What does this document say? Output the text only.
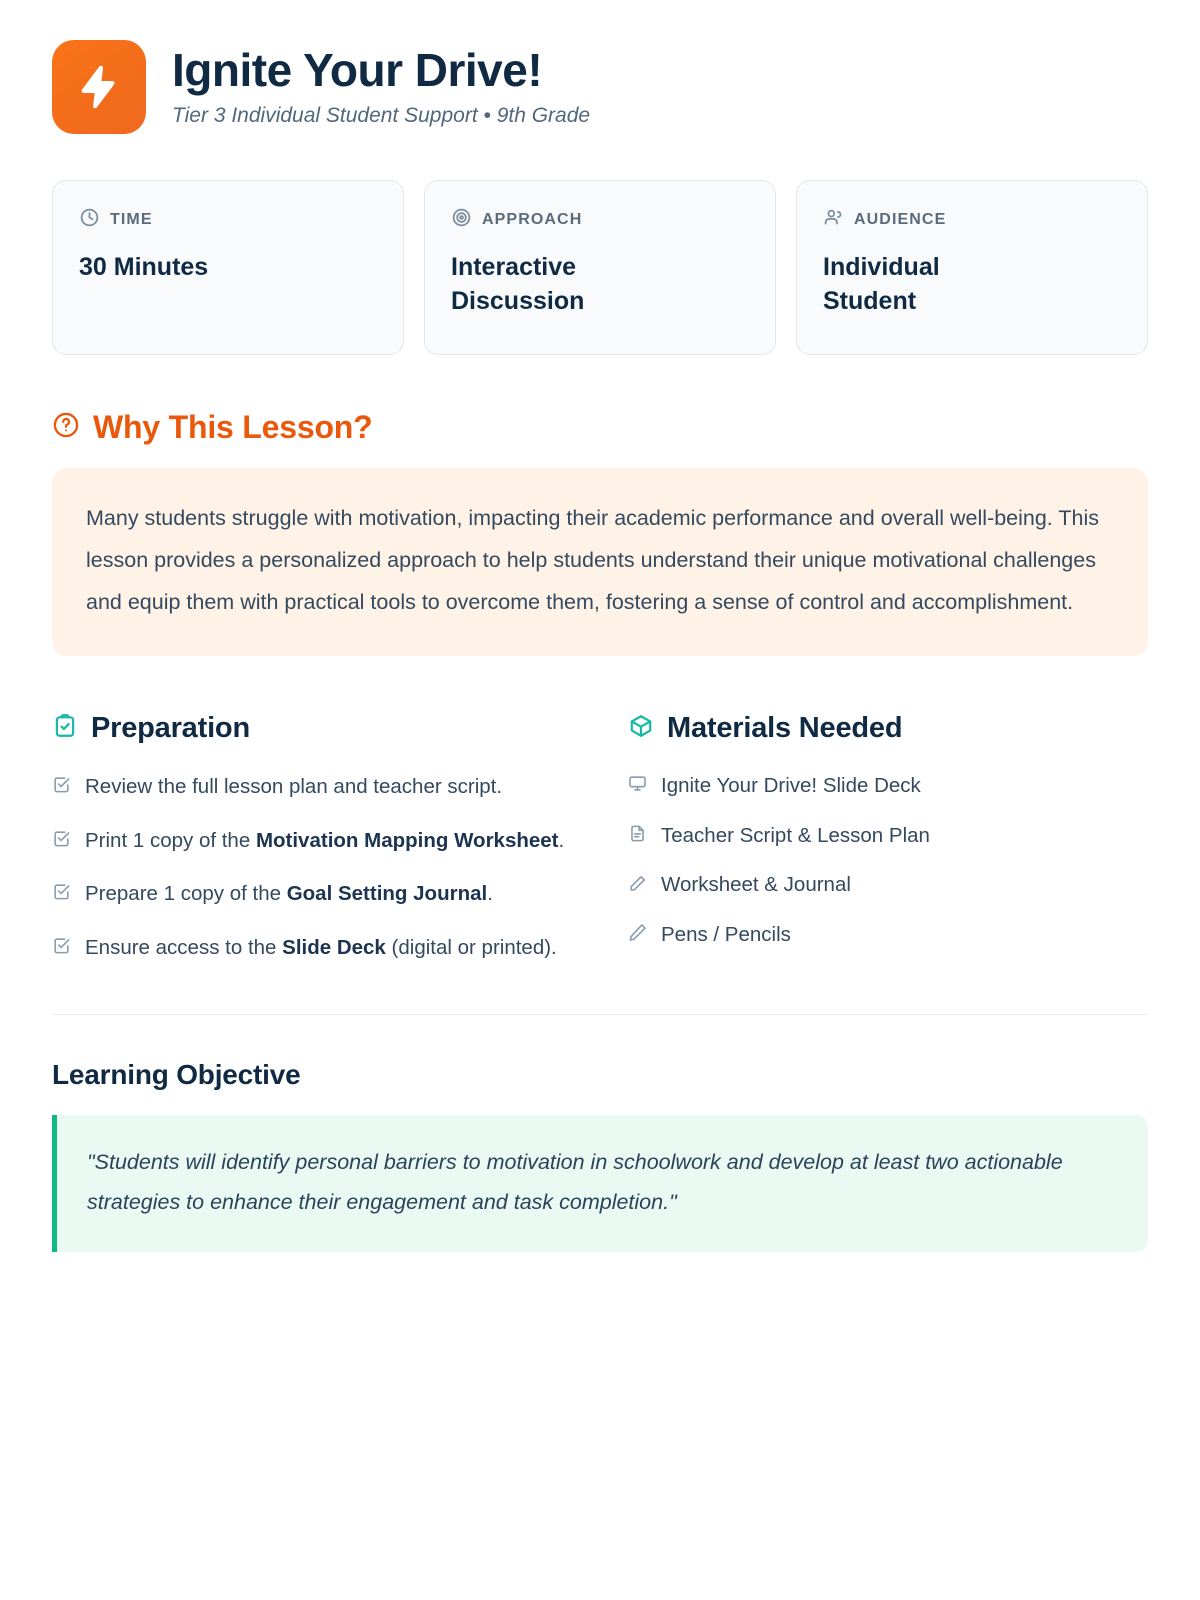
Ignite Your Drive!

Tier 3 Individual Student Support • 9th Grade

TIME
30 Minutes
APPROACH
Interactive Discussion
AUDIENCE
Individual Student
Why This Lesson?

Many students struggle with motivation, impacting their academic performance and overall well-being. This lesson provides a personalized approach to help students understand their unique motivational challenges and equip them with practical tools to overcome them, fostering a sense of control and accomplishment.

Preparation
Review the full lesson plan and teacher script.
Print 1 copy of the Motivation Mapping Worksheet.
Prepare 1 copy of the Goal Setting Journal.
Ensure access to the Slide Deck (digital or printed).
Materials Needed
Ignite Your Drive! Slide Deck
Teacher Script & Lesson Plan
Worksheet & Journal
Pens / Pencils
Learning Objective

"Students will identify personal barriers to motivation in schoolwork and develop at least two actionable strategies to enhance their engagement and task completion."
